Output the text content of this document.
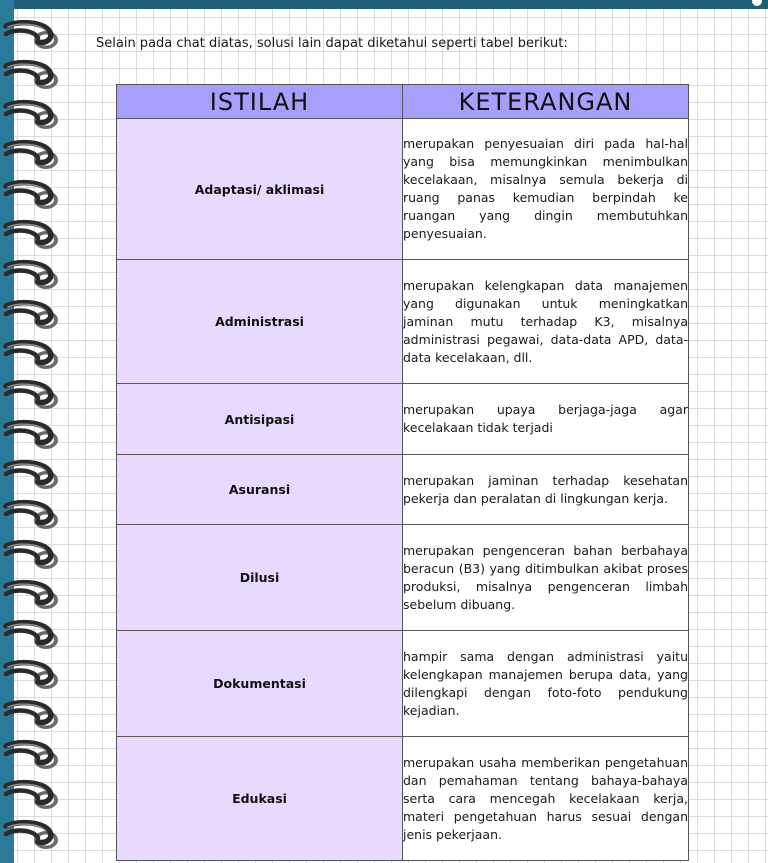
Selain pada chat diatas, solusi lain dapat diketahui seperti tabel berikut:
ISTILAH	KETERANGAN
Adaptasi/ aklimasi	merupakan penyesuaian diri pada hal-hal yang bisa memungkinkan menimbulkan kecelakaan, misalnya semula bekerja di ruang panas kemudian berpindah ke ruangan yang dingin membutuhkan penyesuaian.
Administrasi	merupakan kelengkapan data manajemen yang digunakan untuk meningkatkan jaminan mutu terhadap K3, misalnya administrasi pegawai, data-data APD, data-data kecelakaan, dll.
Antisipasi	merupakan upaya berjaga-jaga agar kecelakaan tidak terjadi
Asuransi	merupakan jaminan terhadap kesehatan pekerja dan peralatan di lingkungan kerja.
Dilusi	merupakan pengenceran bahan berbahaya beracun (B3) yang ditimbulkan akibat proses produksi, misalnya pengenceran limbah sebelum dibuang.
Dokumentasi	hampir sama dengan administrasi yaitu kelengkapan manajemen berupa data, yang dilengkapi dengan foto-foto pendukung kejadian.
Edukasi	merupakan usaha memberikan pengetahuan dan pemahaman tentang bahaya-bahaya serta cara mencegah kecelakaan kerja, materi pengetahuan harus sesuai dengan jenis pekerjaan.
